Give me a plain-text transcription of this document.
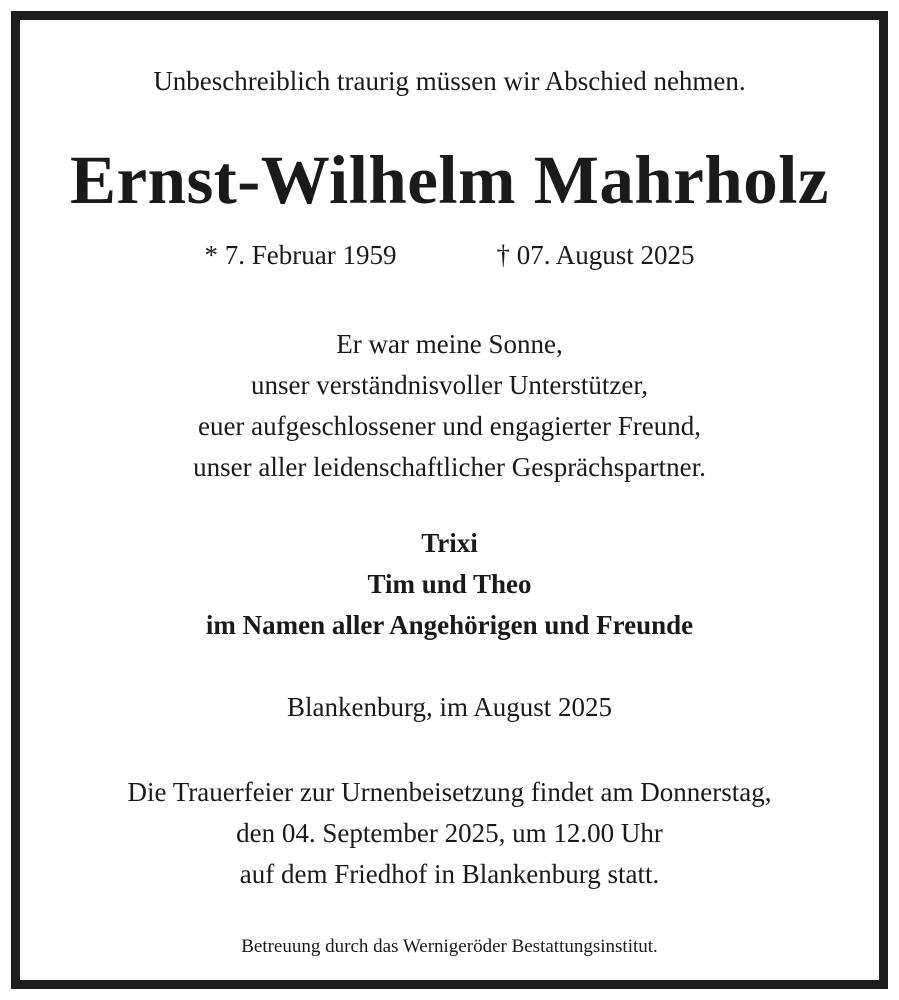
Unbeschreiblich traurig müssen wir Abschied nehmen.

Ernst-Wilhelm Mahrholz

* 7. Februar 1959	† 07. August 2025

Er war meine Sonne,
unser verständnisvoller Unterstützer,
euer aufgeschlossener und engagierter Freund,
unser aller leidenschaftlicher Gesprächspartner.
Trixi
Tim und Theo
im Namen aller Angehörigen und Freunde

Blankenburg, im August 2025

Die Trauerfeier zur Urnenbeisetzung findet am Donnerstag,
den 04. September 2025, um 12.00 Uhr
auf dem Friedhof in Blankenburg statt.

Betreuung durch das Wernigeröder Bestattungsinstitut.
